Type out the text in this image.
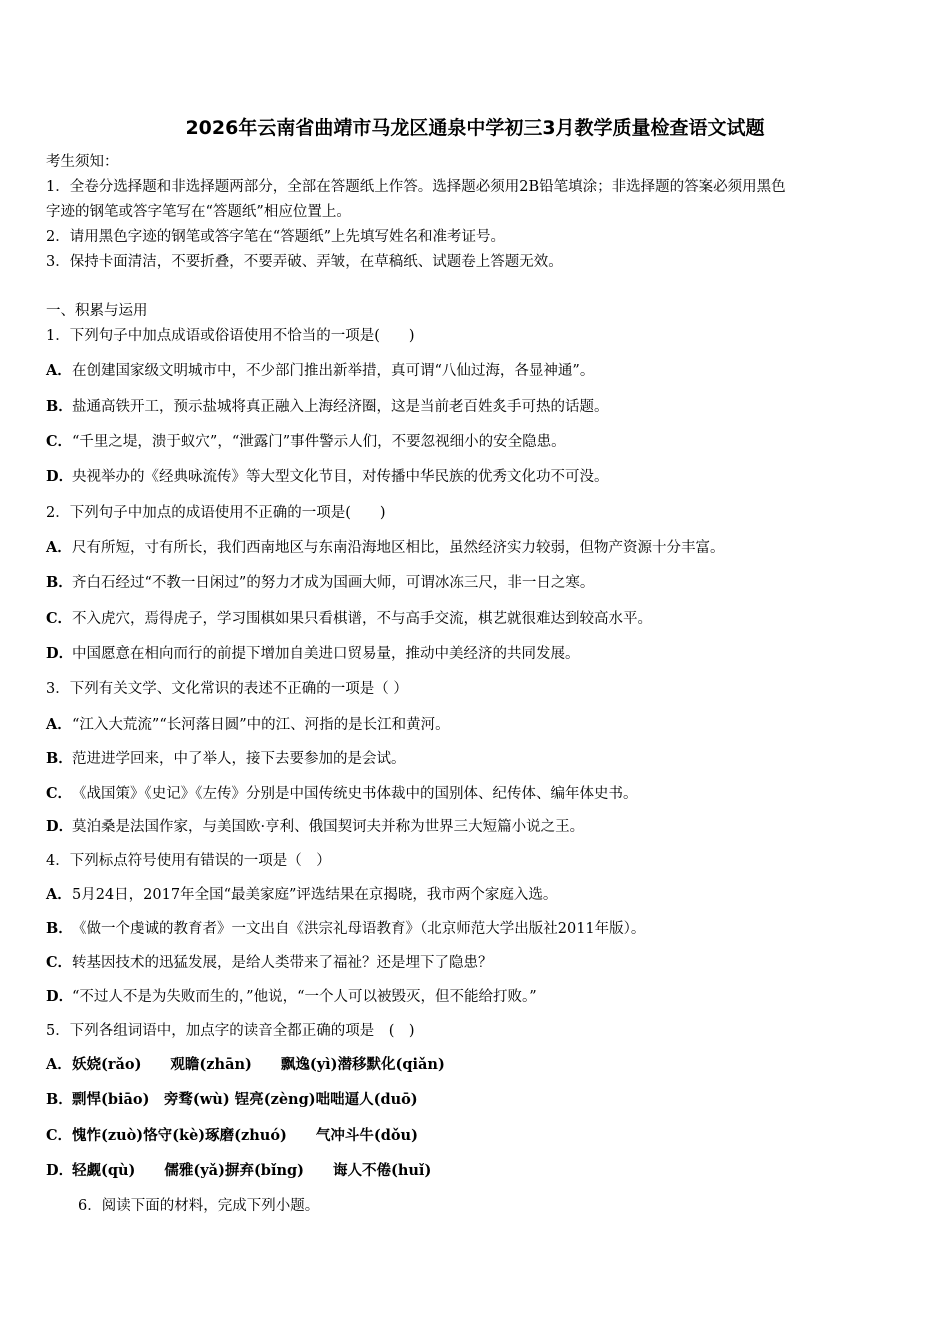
2026年云南省曲靖市马龙区通泉中学初三3月教学质量检查语文试题
考生须知：
1．全卷分选择题和非选择题两部分，全部在答题纸上作答。选择题必须用2B铅笔填涂；非选择题的答案必须用黑色
字迹的钢笔或答字笔写在“答题纸”相应位置上。
2．请用黑色字迹的钢笔或答字笔在“答题纸”上先填写姓名和准考证号。
3．保持卡面清洁，不要折叠，不要弄破、弄皱，在草稿纸、试题卷上答题无效。
一、积累与运用
1．下列句子中加点成语或俗语使用不恰当的一项是(　　)
A．在创建国家级文明城市中，不少部门推出新举措，真可谓“八仙过海，各显神通”。
B．盐通高铁开工，预示盐城将真正融入上海经济圈，这是当前老百姓炙手可热的话题。
C．“千里之堤，溃于蚁穴”，“泄露门”事件警示人们，不要忽视细小的安全隐患。
D．央视举办的《经典咏流传》等大型文化节目，对传播中华民族的优秀文化功不可没。
2．下列句子中加点的成语使用不正确的一项是(　　)
A．尺有所短，寸有所长，我们西南地区与东南沿海地区相比，虽然经济实力较弱，但物产资源十分丰富。
B．齐白石经过“不教一日闲过”的努力才成为国画大师，可谓冰冻三尺，非一日之寒。
C．不入虎穴，焉得虎子，学习围棋如果只看棋谱，不与高手交流，棋艺就很难达到较高水平。
D．中国愿意在相向而行的前提下增加自美进口贸易量，推动中美经济的共同发展。
3．下列有关文学、文化常识的表述不正确的一项是（ ）
A．“江入大荒流”“长河落日圆”中的江、河指的是长江和黄河。
B．范进进学回来，中了举人，接下去要参加的是会试。
C．《战国策》《史记》《左传》分别是中国传统史书体裁中的国别体、纪传体、编年体史书。
D．莫泊桑是法国作家，与美国欧·亨利、俄国契诃夫并称为世界三大短篇小说之王。
4．下列标点符号使用有错误的一项是（　）
A．5月24日，2017年全国“最美家庭”评选结果在京揭晓，我市两个家庭入选。
B．《做一个虔诚的教育者》一文出自《洪宗礼母语教育》（北京师范大学出版社2011年版）。
C．转基因技术的迅猛发展，是给人类带来了福祉？还是埋下了隐患？
D．“不过人不是为失败而生的，”他说，“一个人可以被毁灭，但不能给打败。”
5．下列各组词语中，加点字的读音全都正确的项是　(　)
A．妖娆(rǎo)　　观瞻(zhān)　　飘逸(yì)潜移默化(qiǎn)
B．剽悍(biāo)　旁骛(wù) 锃亮(zèng)咄咄逼人(duō)
C．愧怍(zuò)恪守(kè)琢磨(zhuó)　　气冲斗牛(dǒu)
D．轻觑(qù)　　儒雅(yǎ)摒弃(bǐng)　　诲人不倦(huǐ)
6．阅读下面的材料，完成下列小题。
